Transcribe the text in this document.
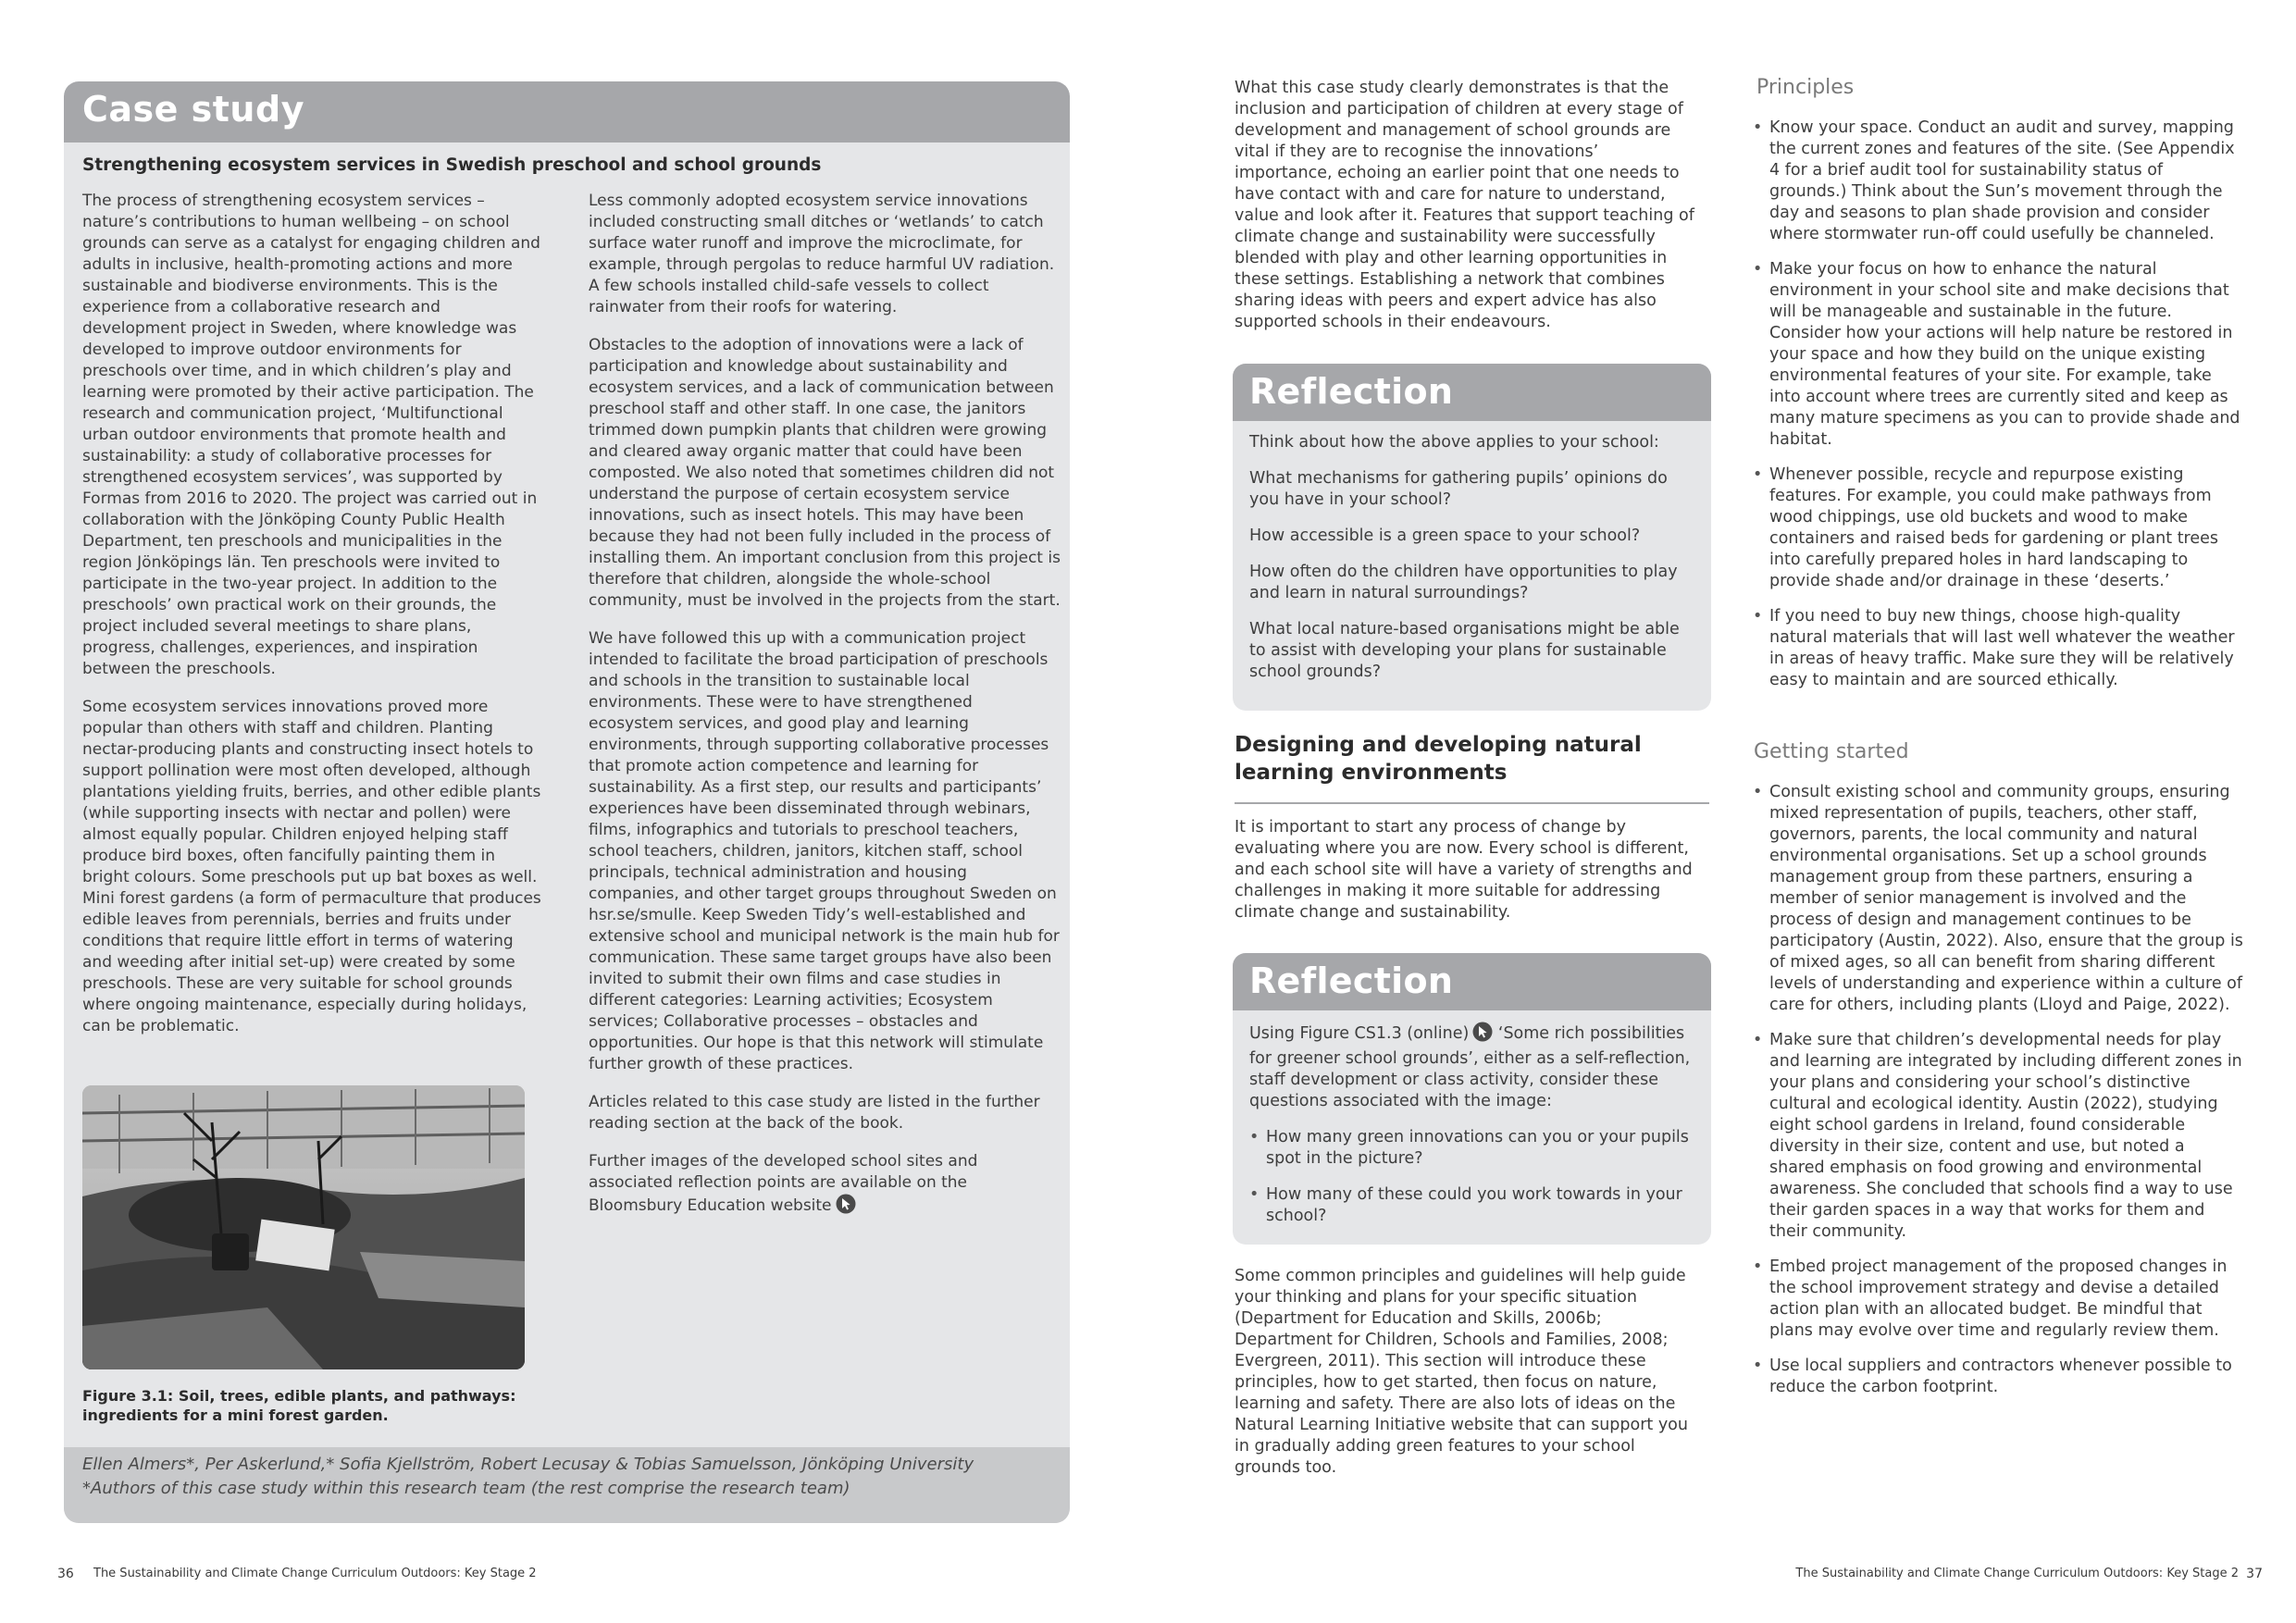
Case study
Strengthening ecosystem services in Swedish preschool and school grounds

The process of strengthening ecosystem services – nature’s contributions to human wellbeing – on school grounds can serve as a catalyst for engaging children and adults in inclusive, health-promoting actions and more sustainable and biodiverse environments. This is the experience from a collaborative research and development project in Sweden, where knowledge was developed to improve outdoor environments for preschools over time, and in which children’s play and learning were promoted by their active participation. The research and communication project, ‘Multifunctional urban outdoor environments that promote health and sustainability: a study of collaborative processes for strengthened ecosystem services’, was supported by Formas from 2016 to 2020. The project was carried out in collaboration with the Jönköping County Public Health Department, ten preschools and municipalities in the region Jönköpings län. Ten preschools were invited to participate in the two-year project. In addition to the preschools’ own practical work on their grounds, the project included several meetings to share plans, progress, challenges, experiences, and inspiration between the preschools.

Some ecosystem services innovations proved more popular than others with staff and children. Planting nectar-producing plants and constructing insect hotels to support pollination were most often developed, although plantations yielding fruits, berries, and other edible plants (while supporting insects with nectar and pollen) were almost equally popular. Children enjoyed helping staff produce bird boxes, often fancifully painting them in bright colours. Some preschools put up bat boxes as well. Mini forest gardens (a form of permaculture that produces edible leaves from perennials, berries and fruits under conditions that require little effort in terms of watering and weeding after initial set-up) were created by some preschools. These are very suitable for school grounds where ongoing maintenance, especially during holidays, can be problematic.

Less commonly adopted ecosystem service innovations included constructing small ditches or ‘wetlands’ to catch surface water runoff and improve the microclimate, for example, through pergolas to reduce harmful UV radiation. A few schools installed child-safe vessels to collect rainwater from their roofs for watering.

Obstacles to the adoption of innovations were a lack of participation and knowledge about sustainability and ecosystem services, and a lack of communication between preschool staff and other staff. In one case, the janitors trimmed down pumpkin plants that children were growing and cleared away organic matter that could have been composted. We also noted that sometimes children did not understand the purpose of certain ecosystem service innovations, such as insect hotels. This may have been because they had not been fully included in the process of installing them. An important conclusion from this project is therefore that children, alongside the whole-school community, must be involved in the projects from the start.

We have followed this up with a communication project intended to facilitate the broad participation of preschools and schools in the transition to sustainable local environments. These were to have strengthened ecosystem services, and good play and learning environments, through supporting collaborative processes that promote action competence and learning for sustainability. As a first step, our results and participants’ experiences have been disseminated through webinars, films, infographics and tutorials to preschool teachers, school teachers, children, janitors, kitchen staff, school principals, technical administration and housing companies, and other target groups throughout Sweden on hsr.se/smulle. Keep Sweden Tidy’s well-established and extensive school and municipal network is the main hub for communication. These same target groups have also been invited to submit their own films and case studies in different categories: Learning activities; Ecosystem services; Collaborative processes – obstacles and opportunities. Our hope is that this network will stimulate further growth of these practices.

Articles related to this case study are listed in the further reading section at the back of the book.

Further images of the developed school sites and associated reflection points are available on the Bloomsbury Education website

Figure 3.1: Soil, trees, edible plants, and pathways: ingredients for a mini forest garden.

Ellen Almers*, Per Askerlund,* Sofia Kjellström, Robert Lecusay & Tobias Samuelsson, Jönköping University

*Authors of this case study within this research team (the rest comprise the research team)

36 The Sustainability and Climate Change Curriculum Outdoors: Key Stage 2
What this case study clearly demonstrates is that the inclusion and participation of children at every stage of development and management of school grounds are vital if they are to recognise the innovations’ importance, echoing an earlier point that one needs to have contact with and care for nature to understand, value and look after it. Features that support teaching of climate change and sustainability were successfully blended with play and other learning opportunities in these settings. Establishing a network that combines sharing ideas with peers and expert advice has also supported schools in their endeavours.
Reflection

Think about how the above applies to your school:

What mechanisms for gathering pupils’ opinions do you have in your school?

How accessible is a green space to your school?

How often do the children have opportunities to play and learn in natural surroundings?

What local nature-based organisations might be able to assist with developing your plans for sustainable school grounds?

Designing and developing natural learning environments
It is important to start any process of change by evaluating where you are now. Every school is different, and each school site will have a variety of strengths and challenges in making it more suitable for addressing climate change and sustainability.
Reflection

Using Figure CS1.3 (online) ‘Some rich possibilities for greener school grounds’, either as a self-reflection, staff development or class activity, consider these questions associated with the image:

• How many green innovations can you or your pupils spot in the picture?
• How many of these could you work towards in your school?
Some common principles and guidelines will help guide your thinking and plans for your specific situation (Department for Education and Skills, 2006b; Department for Children, Schools and Families, 2008; Evergreen, 2011). This section will introduce these principles, how to get started, then focus on nature, learning and safety. There are also lots of ideas on the Natural Learning Initiative website that can support you in gradually adding green features to your school grounds too.
Principles
• Know your space. Conduct an audit and survey, mapping the current zones and features of the site. (See Appendix 4 for a brief audit tool for sustainability status of grounds.) Think about the Sun’s movement through the day and seasons to plan shade provision and consider where stormwater run-off could usefully be channeled.
• Make your focus on how to enhance the natural environment in your school site and make decisions that will be manageable and sustainable in the future. Consider how your actions will help nature be restored in your space and how they build on the unique existing environmental features of your site. For example, take into account where trees are currently sited and keep as many mature specimens as you can to provide shade and habitat.
• Whenever possible, recycle and repurpose existing features. For example, you could make pathways from wood chippings, use old buckets and wood to make containers and raised beds for gardening or plant trees into carefully prepared holes in hard landscaping to provide shade and/or drainage in these ‘deserts.’
• If you need to buy new things, choose high-quality natural materials that will last well whatever the weather in areas of heavy traffic. Make sure they will be relatively easy to maintain and are sourced ethically.
Getting started
• Consult existing school and community groups, ensuring mixed representation of pupils, teachers, other staff, governors, parents, the local community and natural environmental organisations. Set up a school grounds management group from these partners, ensuring a member of senior management is involved and the process of design and management continues to be participatory (Austin, 2022). Also, ensure that the group is of mixed ages, so all can benefit from sharing different levels of understanding and experience within a culture of care for others, including plants (Lloyd and Paige, 2022).
• Make sure that children’s developmental needs for play and learning are integrated by including different zones in your plans and considering your school’s distinctive cultural and ecological identity. Austin (2022), studying eight school gardens in Ireland, found considerable diversity in their size, content and use, but noted a shared emphasis on food growing and environmental awareness. She concluded that schools find a way to use their garden spaces in a way that works for them and their community.
• Embed project management of the proposed changes in the school improvement strategy and devise a detailed action plan with an allocated budget. Be mindful that plans may evolve over time and regularly review them.
• Use local suppliers and contractors whenever possible to reduce the carbon footprint.
The Sustainability and Climate Change Curriculum Outdoors: Key Stage 2 37
